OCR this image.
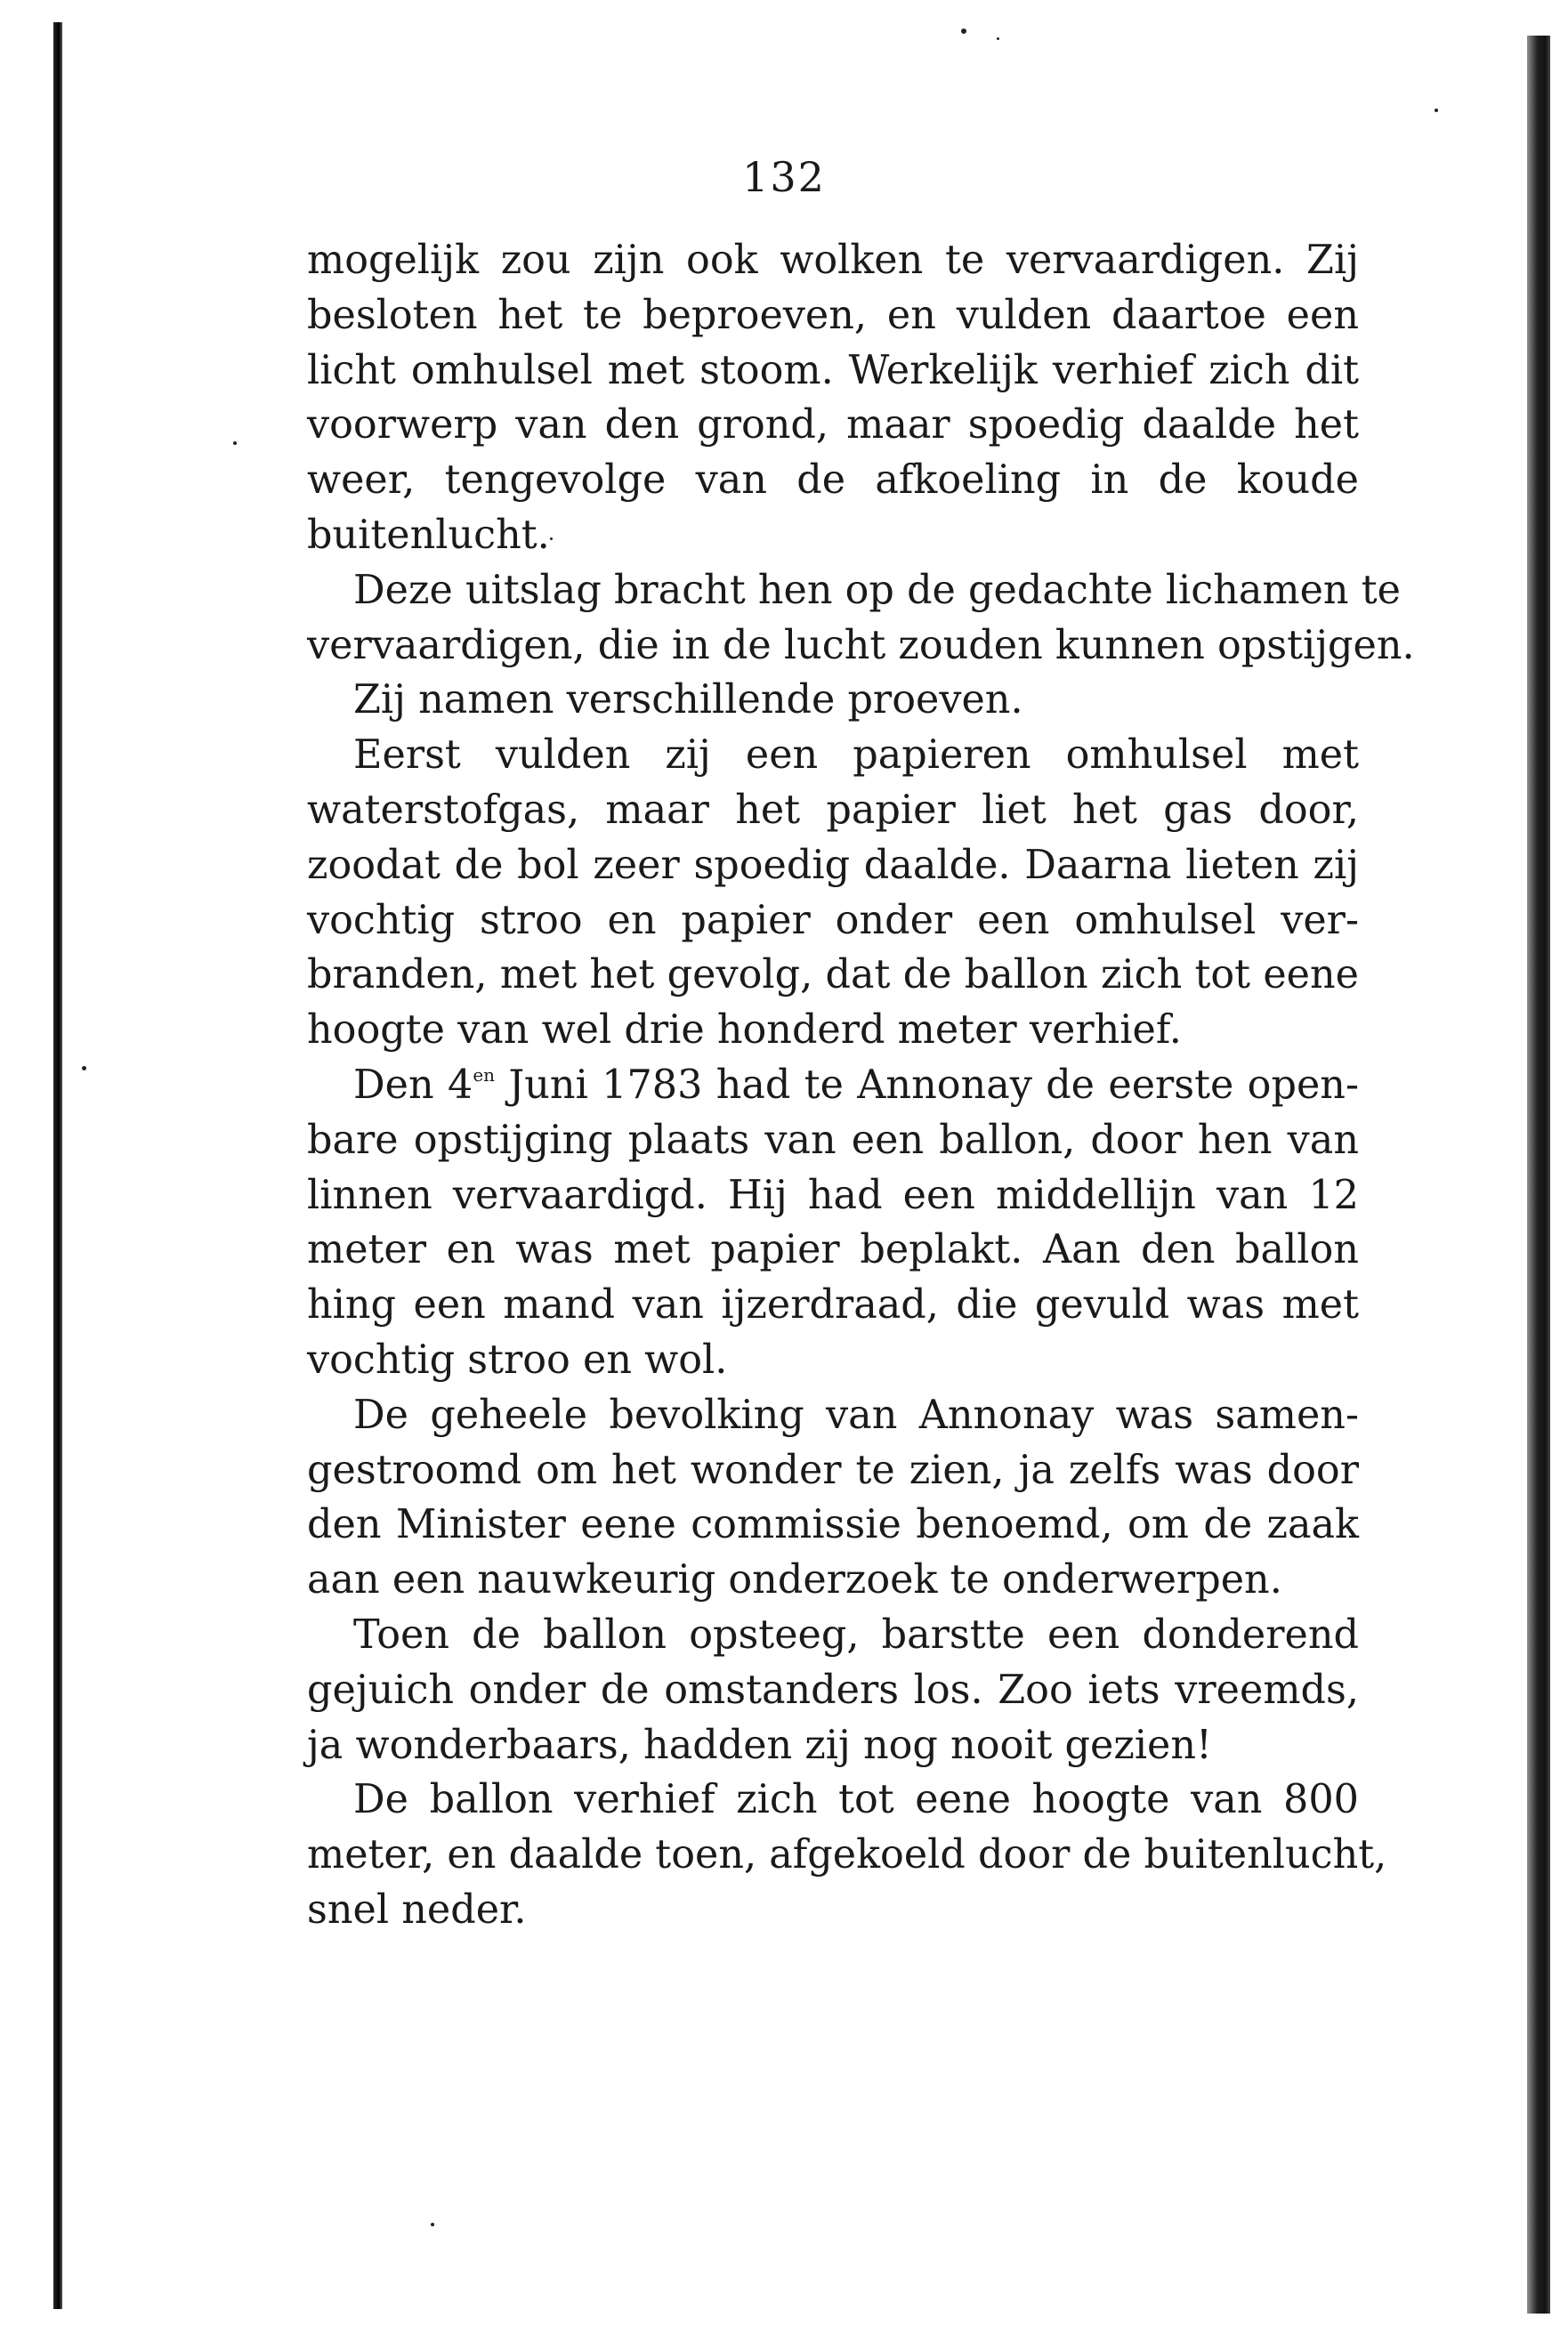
132
mogelijk zou zijn ook wolken te vervaardigen. Zij
besloten het te beproeven, en vulden daartoe een
licht omhulsel met stoom. Werkelijk verhief zich dit
voorwerp van den grond, maar spoedig daalde het
weer, tengevolge van de afkoeling in de koude
buitenlucht.
Deze uitslag bracht hen op de gedachte lichamen te
vervaardigen, die in de lucht zouden kunnen opstijgen.
Zij namen verschillende proeven.
Eerst vulden zij een papieren omhulsel met
waterstofgas, maar het papier liet het gas door,
zoodat de bol zeer spoedig daalde. Daarna lieten zij
vochtig stroo en papier onder een omhulsel ver-
branden, met het gevolg, dat de ballon zich tot eene
hoogte van wel drie honderd meter verhief.
Den $4^{en}$ Juni 1783 had te Annonay de eerste open-
bare opstijging plaats van een ballon, door hen van
linnen vervaardigd. Hij had een middellijn van 12
meter en was met papier beplakt. Aan den ballon
hing een mand van ijzerdraad, die gevuld was met
vochtig stroo en wol.
De geheele bevolking van Annonay was samen-
gestroomd om het wonder te zien, ja zelfs was door
den Minister eene commissie benoemd, om de zaak
aan een nauwkeurig onderzoek te onderwerpen.
Toen de ballon opsteeg, barstte een donderend
gejuich onder de omstanders los. Zoo iets vreemds,
ja wonderbaars, hadden zij nog nooit gezien!
De ballon verhief zich tot eene hoogte van 800
meter, en daalde toen, afgekoeld door de buitenlucht,
snel neder.
